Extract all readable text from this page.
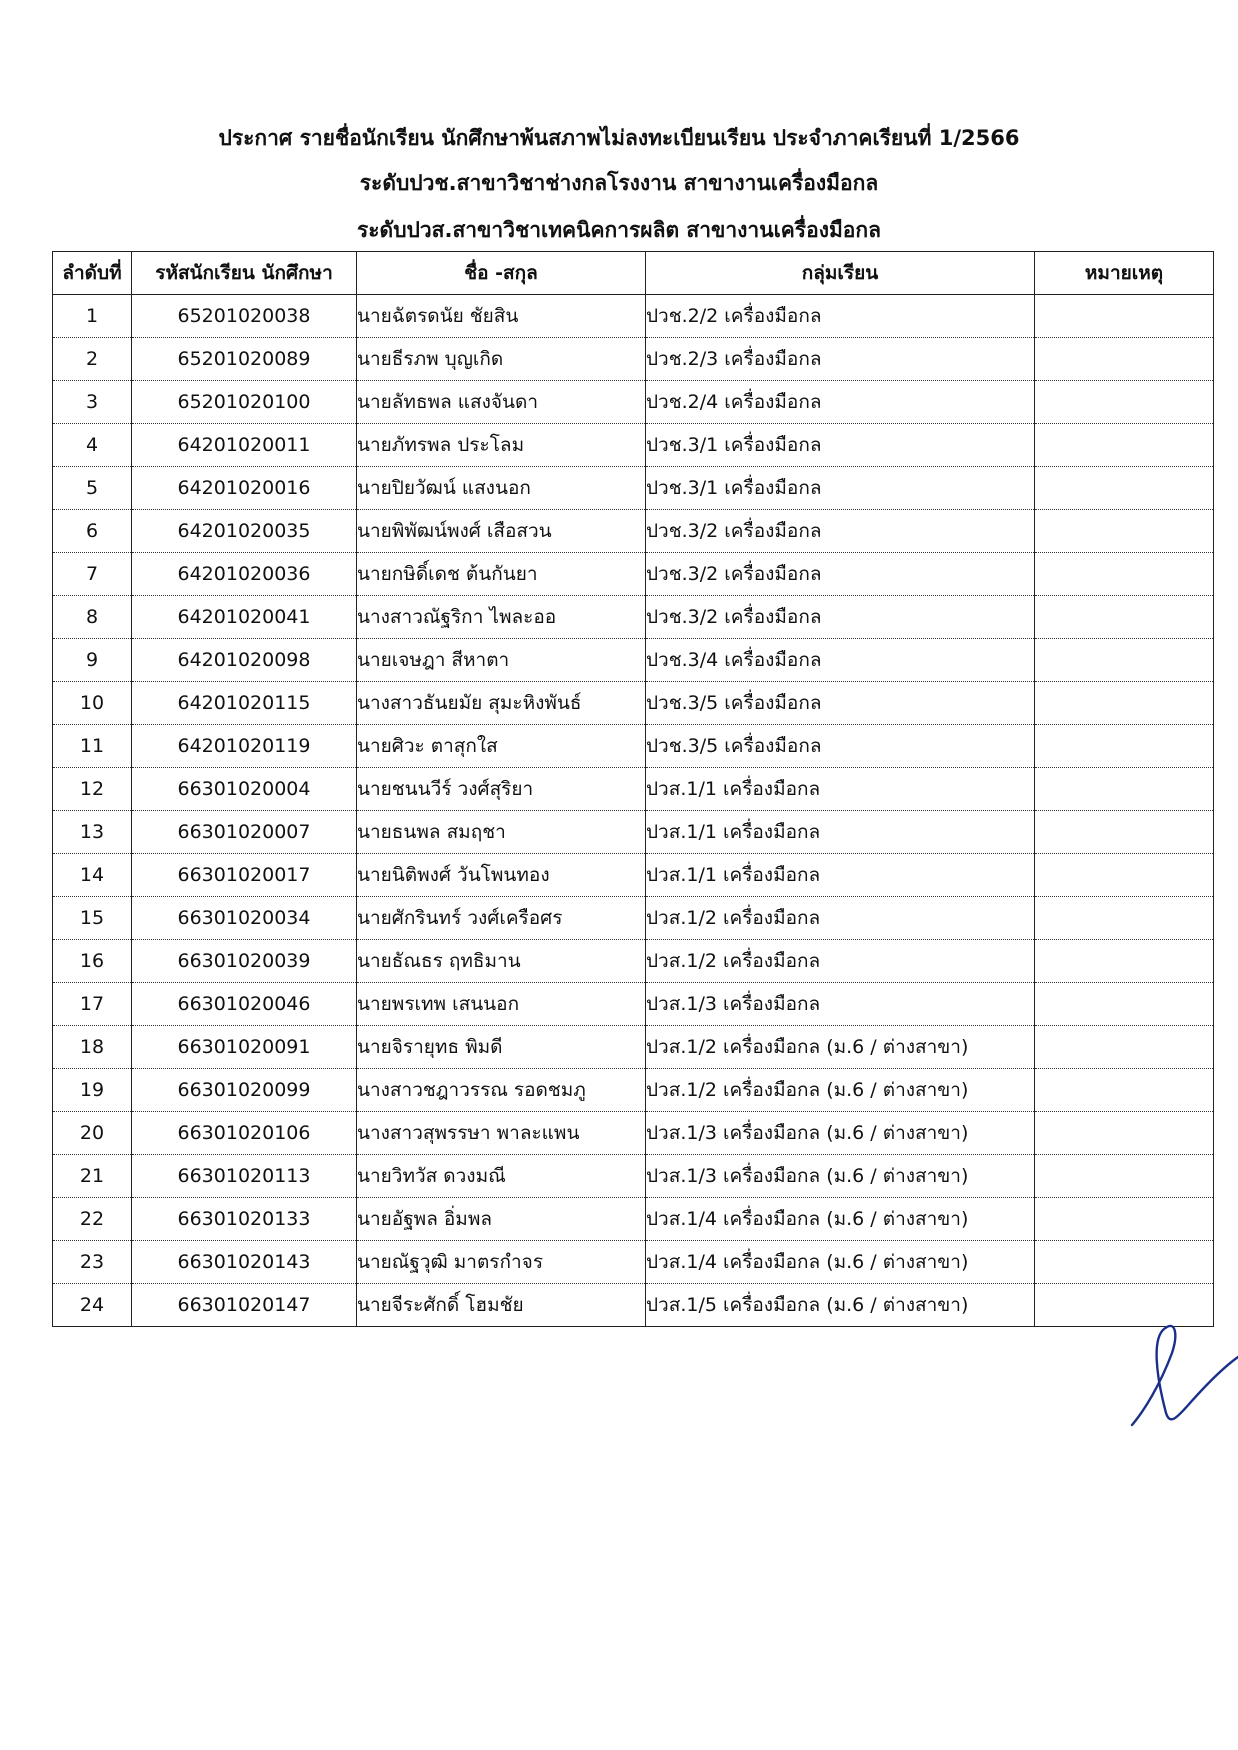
ประกาศ รายชื่อนักเรียน นักศึกษาพ้นสภาพไม่ลงทะเบียนเรียน ประจำภาคเรียนที่ 1/2566
ระดับปวช.สาขาวิชาช่างกลโรงงาน สาขางานเครื่องมือกล
ระดับปวส.สาขาวิชาเทคนิคการผลิต สาขางานเครื่องมือกล
ลำดับที่	รหัสนักเรียน นักศึกษา	ชื่อ -สกุล	กลุ่มเรียน	หมายเหตุ
1	65201020038	นายฉัตรดนัย ชัยสิน	ปวช.2/2 เครื่องมือกล	
2	65201020089	นายธีรภพ บุญเกิด	ปวช.2/3 เครื่องมือกล	
3	65201020100	นายลัทธพล แสงจันดา	ปวช.2/4 เครื่องมือกล	
4	64201020011	นายภัทรพล ประโลม	ปวช.3/1 เครื่องมือกล	
5	64201020016	นายปิยวัฒน์ แสงนอก	ปวช.3/1 เครื่องมือกล	
6	64201020035	นายพิพัฒน์พงศ์ เสือสวน	ปวช.3/2 เครื่องมือกล	
7	64201020036	นายกษิดิ์เดช ต้นกันยา	ปวช.3/2 เครื่องมือกล	
8	64201020041	นางสาวณัฐริกา ไพละออ	ปวช.3/2 เครื่องมือกล	
9	64201020098	นายเจษฎา สีหาตา	ปวช.3/4 เครื่องมือกล	
10	64201020115	นางสาวธันยมัย สุมะหิงพันธ์	ปวช.3/5 เครื่องมือกล	
11	64201020119	นายศิวะ ตาสุกใส	ปวช.3/5 เครื่องมือกล	
12	66301020004	นายชนนวีร์ วงศ์สุริยา	ปวส.1/1 เครื่องมือกล	
13	66301020007	นายธนพล สมฤชา	ปวส.1/1 เครื่องมือกล	
14	66301020017	นายนิติพงศ์ วันโพนทอง	ปวส.1/1 เครื่องมือกล	
15	66301020034	นายศักรินทร์ วงศ์เครือศร	ปวส.1/2 เครื่องมือกล	
16	66301020039	นายธัณธร ฤทธิมาน	ปวส.1/2 เครื่องมือกล	
17	66301020046	นายพรเทพ เสนนอก	ปวส.1/3 เครื่องมือกล	
18	66301020091	นายจิรายุทธ พิมดี	ปวส.1/2 เครื่องมือกล (ม.6 / ต่างสาขา)	
19	66301020099	นางสาวชฎาวรรณ รอดชมภู	ปวส.1/2 เครื่องมือกล (ม.6 / ต่างสาขา)	
20	66301020106	นางสาวสุพรรษา พาละแพน	ปวส.1/3 เครื่องมือกล (ม.6 / ต่างสาขา)	
21	66301020113	นายวิทวัส ดวงมณี	ปวส.1/3 เครื่องมือกล (ม.6 / ต่างสาขา)	
22	66301020133	นายอัฐพล อิ่มพล	ปวส.1/4 เครื่องมือกล (ม.6 / ต่างสาขา)	
23	66301020143	นายณัฐวุฒิ มาตรกำจร	ปวส.1/4 เครื่องมือกล (ม.6 / ต่างสาขา)	
24	66301020147	นายจีระศักดิ์ โฮมชัย	ปวส.1/5 เครื่องมือกล (ม.6 / ต่างสาขา)	
